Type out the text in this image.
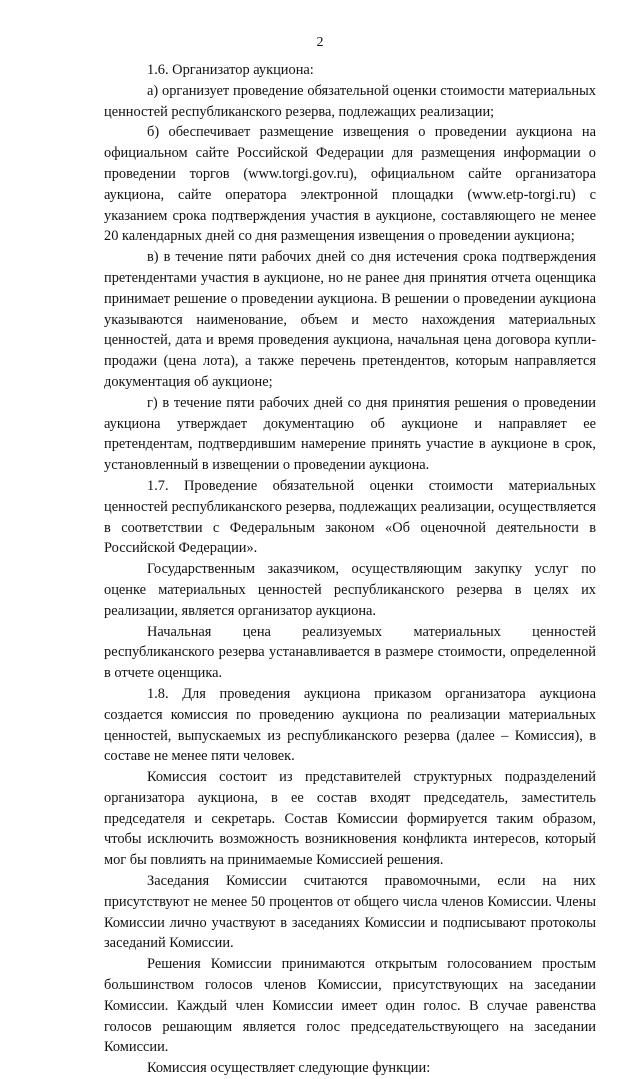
2

1.6. Организатор аукциона:

а) организует проведение обязательной оценки стоимости материальных ценностей республиканского резерва, подлежащих реализации;

б) обеспечивает размещение извещения о проведении аукциона на официальном сайте Российской Федерации для размещения информации о проведении торгов (www.torgi.gov.ru), официальном сайте организатора аукциона, сайте оператора электронной площадки (www.etp-torgi.ru) с указанием срока подтверждения участия в аукционе, составляющего не менее 20 календарных дней со дня размещения извещения о проведении аукциона;

в) в течение пяти рабочих дней со дня истечения срока подтверждения претендентами участия в аукционе, но не ранее дня принятия отчета оценщика принимает решение о проведении аукциона. В решении о проведении аукциона указываются наименование, объем и место нахождения материальных ценностей, дата и время проведения аукциона, начальная цена договора купли-продажи (цена лота), а также перечень претендентов, которым направляется документация об аукционе;

г) в течение пяти рабочих дней со дня принятия решения о проведении аукциона утверждает документацию об аукционе и направляет ее претендентам, подтвердившим намерение принять участие в аукционе в срок, установленный в извещении о проведении аукциона.

1.7. Проведение обязательной оценки стоимости материальных ценностей республиканского резерва, подлежащих реализации, осуществляется в соответствии с Федеральным законом «Об оценочной деятельности в Российской Федерации».

Государственным заказчиком, осуществляющим закупку услуг по оценке материальных ценностей республиканского резерва в целях их реализации, является организатор аукциона.

Начальная цена реализуемых материальных ценностей республиканского резерва устанавливается в размере стоимости, определенной в отчете оценщика.

1.8. Для проведения аукциона приказом организатора аукциона создается комиссия по проведению аукциона по реализации материальных ценностей, выпускаемых из республиканского резерва (далее – Комиссия), в составе не менее пяти человек.

Комиссия состоит из представителей структурных подразделений организатора аукциона, в ее состав входят председатель, заместитель председателя и секретарь. Состав Комиссии формируется таким образом, чтобы исключить возможность возникновения конфликта интересов, который мог бы повлиять на принимаемые Комиссией решения.

Заседания Комиссии считаются правомочными, если на них присутствуют не менее 50 процентов от общего числа членов Комиссии. Члены Комиссии лично участвуют в заседаниях Комиссии и подписывают протоколы заседаний Комиссии.

Решения Комиссии принимаются открытым голосованием простым большинством голосов членов Комиссии, присутствующих на заседании Комиссии. Каждый член Комиссии имеет один голос. В случае равенства голосов решающим является голос председательствующего на заседании Комиссии.

Комиссия осуществляет следующие функции:
